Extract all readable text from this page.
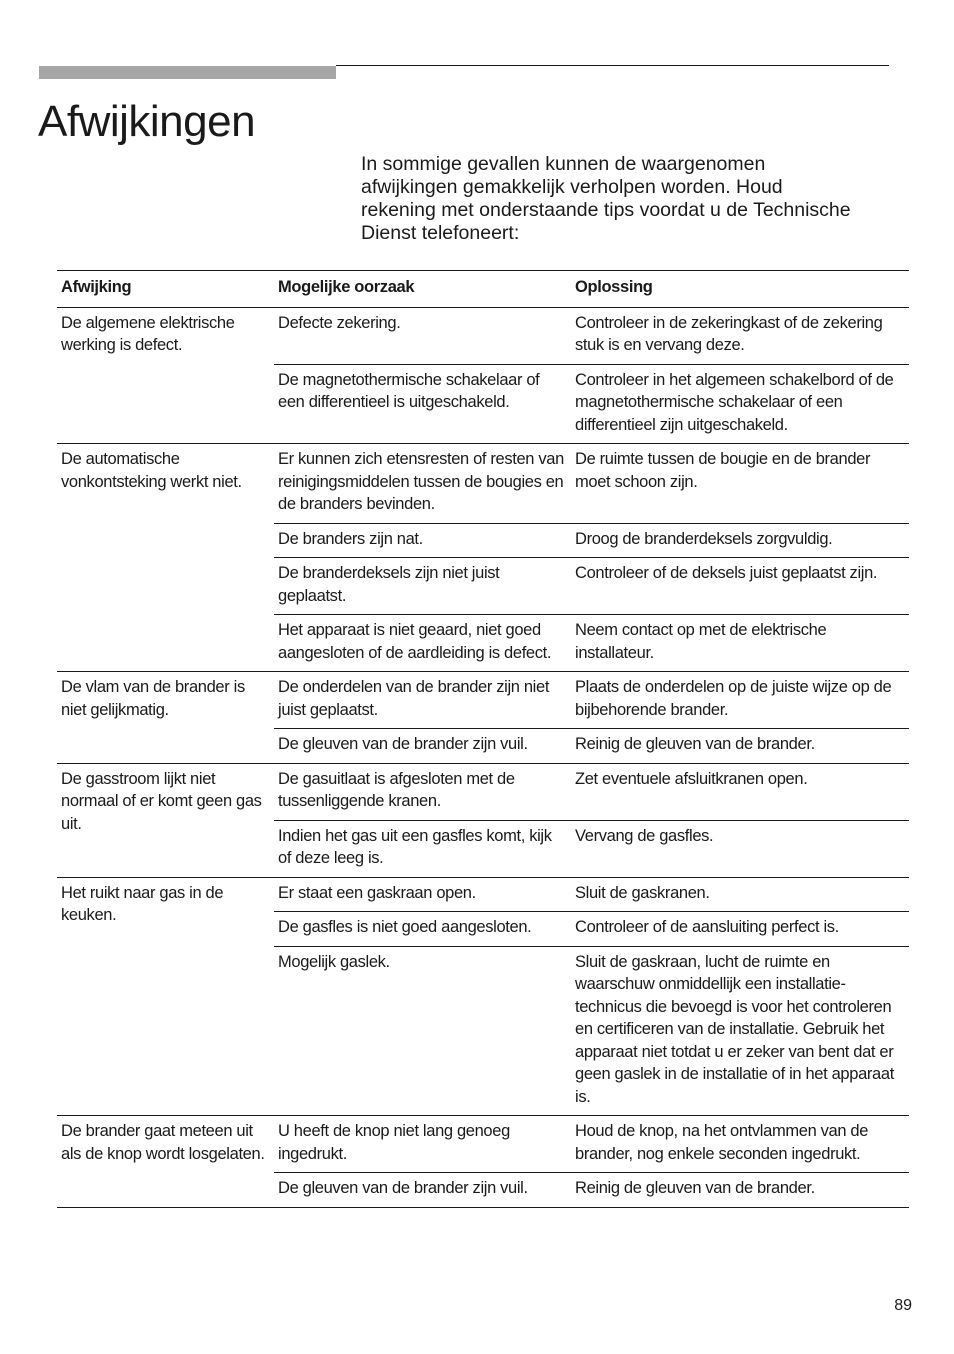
Afwijkingen

In sommige gevallen kunnen de waargenomen afwijkingen gemakkelijk verholpen worden. Houd rekening met onderstaande tips voordat u de Technische Dienst telefoneert:

Afwijking	Mogelijke oorzaak	Oplossing
De algemene elektrische werking is defect.	Defecte zekering.	Controleer in de zekeringkast of de zekering stuk is en vervang deze.
	De magnetothermische schakelaar of een differentieel is uitgeschakeld.	Controleer in het algemeen schakelbord of de magnetothermische schakelaar of een differentieel zijn uitgeschakeld.
De automatische vonkontsteking werkt niet.	Er kunnen zich etensresten of resten van reinigingsmiddelen tussen de bougies en de branders bevinden.	De ruimte tussen de bougie en de brander moet schoon zijn.
	De branders zijn nat.	Droog de branderdeksels zorgvuldig.
	De branderdeksels zijn niet juist geplaatst.	Controleer of de deksels juist geplaatst zijn.
	Het apparaat is niet geaard, niet goed aangesloten of de aardleiding is defect.	Neem contact op met de elektrische installateur.
De vlam van de brander is niet gelijkmatig.	De onderdelen van de brander zijn niet juist geplaatst.	Plaats de onderdelen op de juiste wijze op de bijbehorende brander.
	De gleuven van de brander zijn vuil.	Reinig de gleuven van de brander.
De gasstroom lijkt niet normaal of er komt geen gas uit.	De gasuitlaat is afgesloten met de tussenliggende kranen.	Zet eventuele afsluitkranen open.
	Indien het gas uit een gasfles komt, kijk of deze leeg is.	Vervang de gasfles.
Het ruikt naar gas in de keuken.	Er staat een gaskraan open.	Sluit de gaskranen.
	De gasfles is niet goed aangesloten.	Controleer of de aansluiting perfect is.
	Mogelijk gaslek.	Sluit de gaskraan, lucht de ruimte en waarschuw onmiddellijk een installatie-technicus die bevoegd is voor het controleren en certificeren van de installatie. Gebruik het apparaat niet totdat u er zeker van bent dat er geen gaslek in de installatie of in het apparaat is.
De brander gaat meteen uit als de knop wordt losgelaten.	U heeft de knop niet lang genoeg ingedrukt.	Houd de knop, na het ontvlammen van de brander, nog enkele seconden ingedrukt.
	De gleuven van de brander zijn vuil.	Reinig de gleuven van de brander.
89
